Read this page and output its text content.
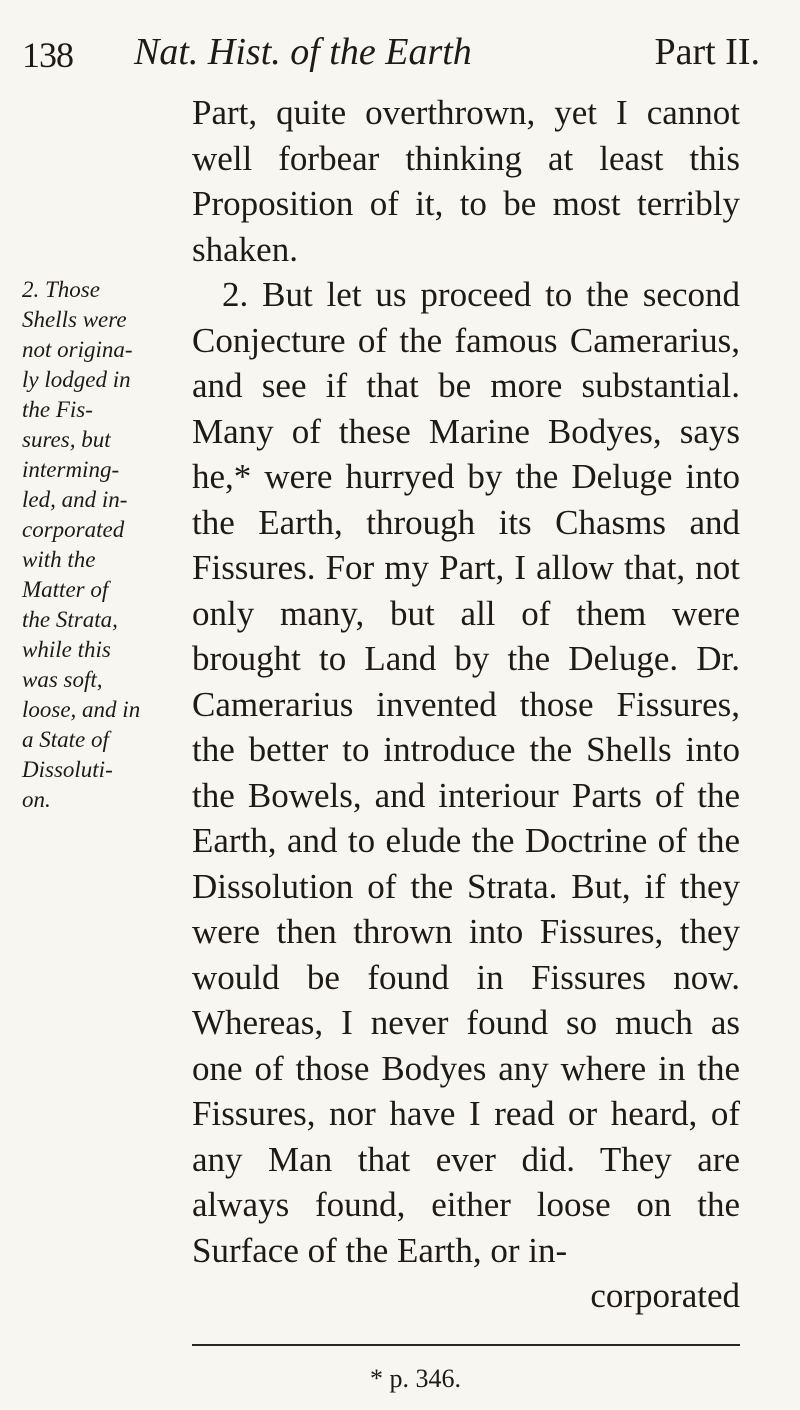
138 Nat. Hist. of the Earth	Part II.

Part, quite overthrown, yet I cannot well forbear thinking at least this Proposition of it, to be most terribly shaken.

2. But let us proceed to the second Conjecture of the famous Camerarius, and see if that be more substantial. Many of these Marine Bodyes, says he,* were hurryed by the Deluge into the Earth, through its Chasms and Fissures. For my Part, I allow that, not only many, but all of them were brought to Land by the Deluge. Dr. Camerarius invented those Fissures, the better to introduce the Shells into the Bowels, and interiour Parts of the Earth, and to elude the Doctrine of the Dissolution of the Strata. But, if they were then thrown into Fissures, they would be found in Fissures now. Whereas, I never found so much as one of those Bodyes any where in the Fissures, nor have I read or heard, of any Man that ever did. They are always found, either loose on the Surface of the Earth, or in-

corporated

2. Those
Shells were
not origina-
ly lodged in
the Fis-
sures, but
interming-
led, and in-
corporated
with the
Matter of
the Strata,
while this
was soft,
loose, and in
a State of
Dissoluti-
on.
* p. 346.
